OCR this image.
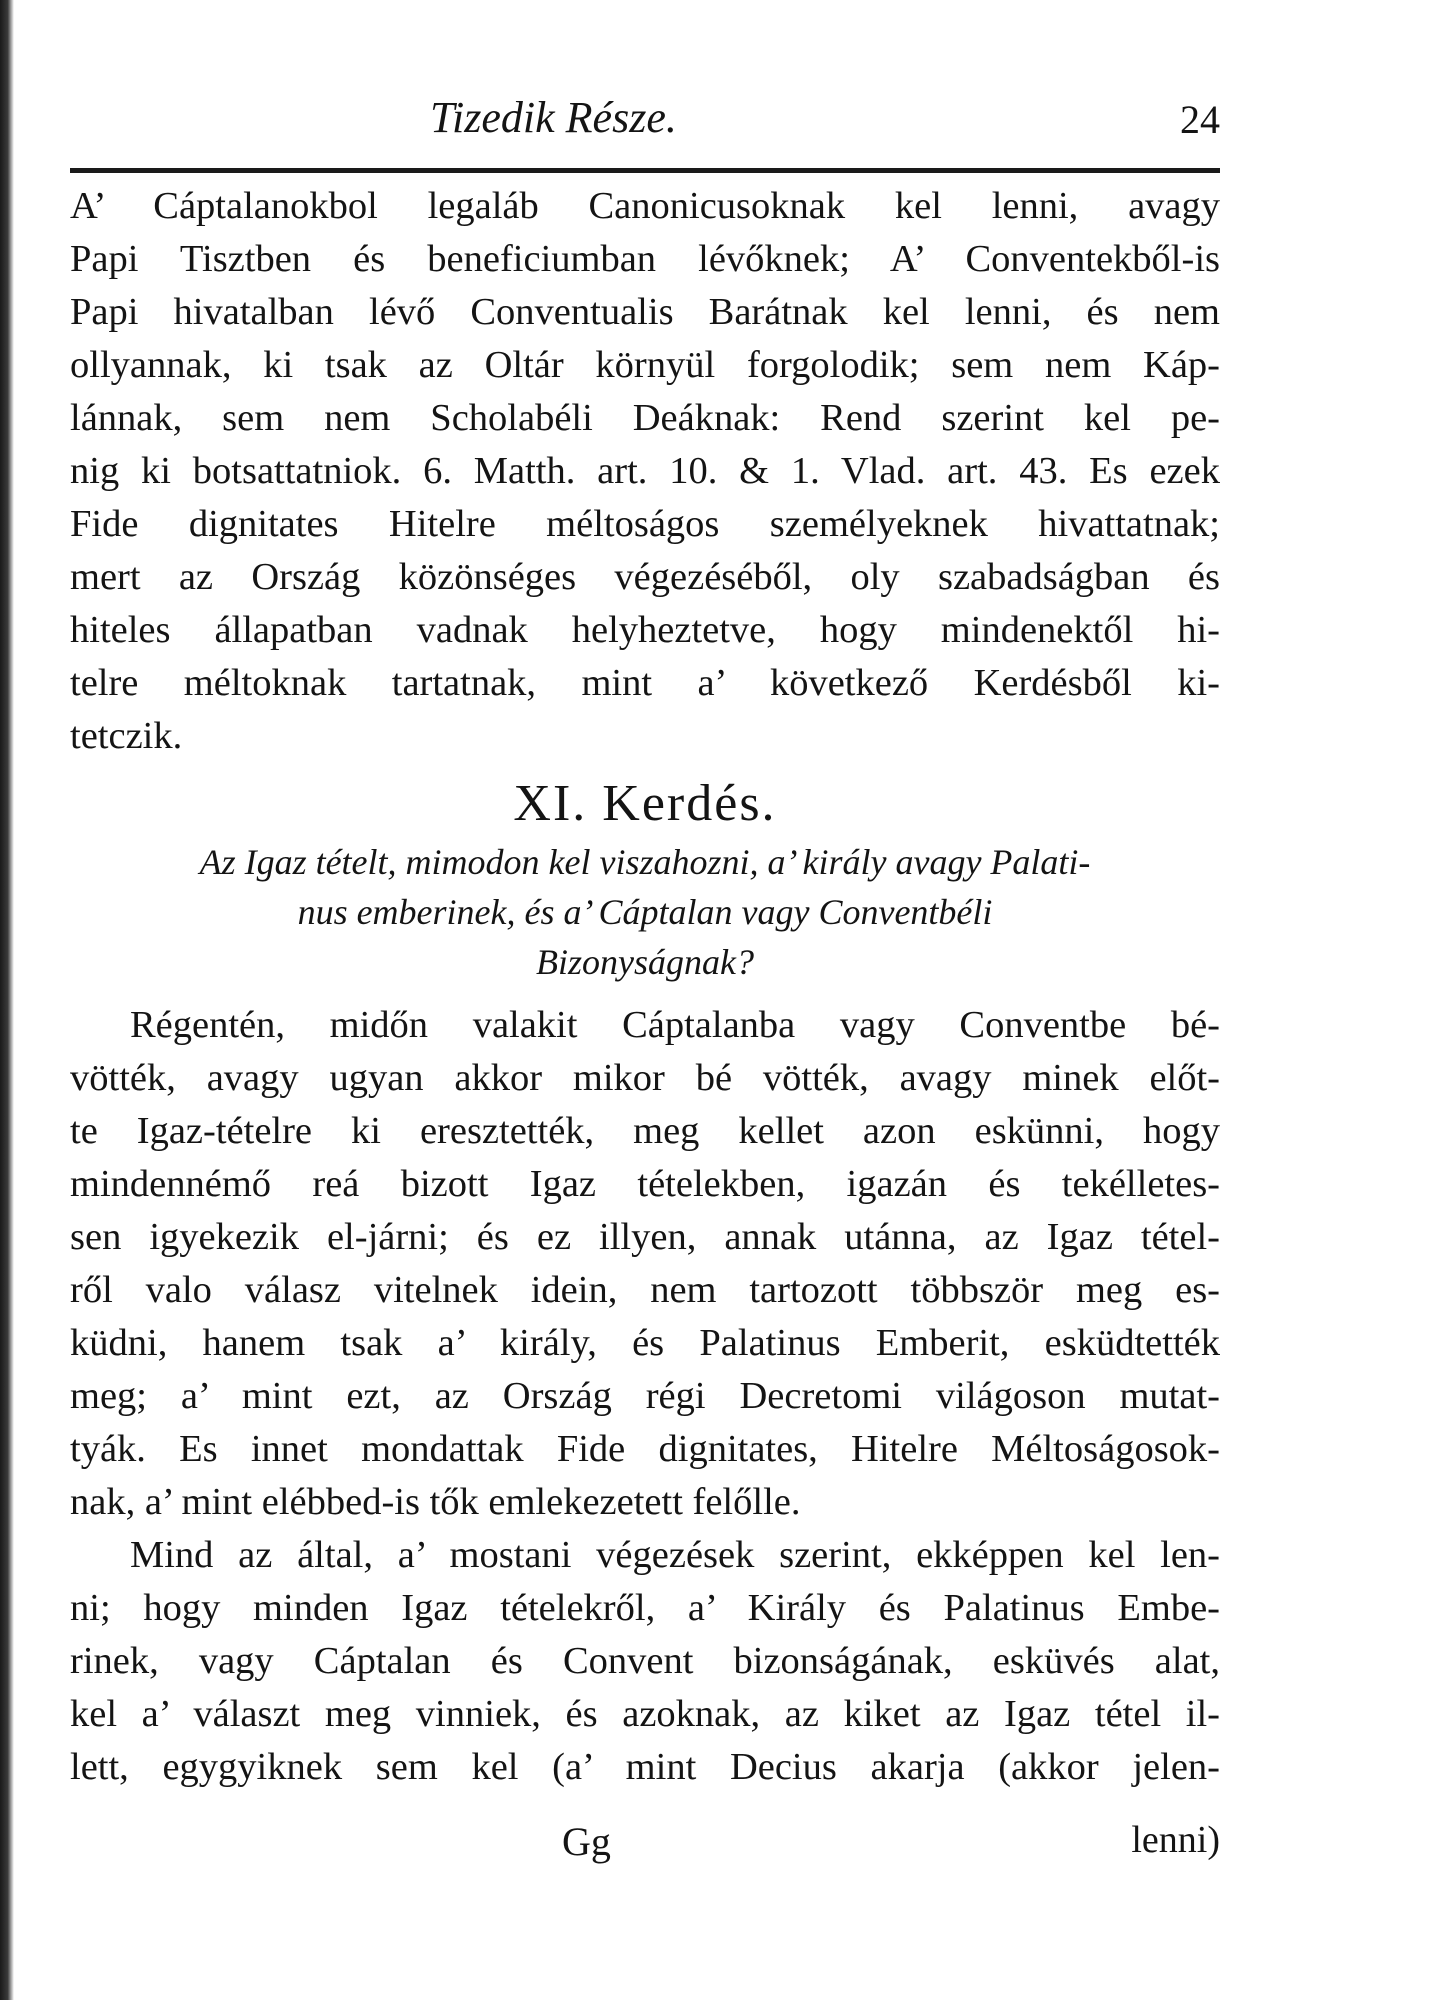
Tizedik Része.	24
A’ Cáptalanokbol legaláb Canonicusoknak kel lenni, avagy
Papi Tisztben és beneficiumban lévőknek; A’ Conventekből-is
Papi hivatalban lévő Conventualis Barátnak kel lenni, és nem
ollyannak, ki tsak az Oltár környül forgolodik; sem nem Káp-
lánnak, sem nem Scholabéli Deáknak: Rend szerint kel pe-
nig ki botsattatniok. 6. Matth. art. 10. & 1. Vlad. art. 43. Es ezek
Fide dignitates Hitelre méltoságos személyeknek hivattatnak;
mert az Ország közönséges végezéséből, oly szabadságban és
hiteles állapatban vadnak helyheztetve, hogy mindenektől hi-
telre méltoknak tartatnak, mint a’ következő Kerdésből ki-
tetczik.
XI. Kerdés.
Az Igaz tételt, mimodon kel viszahozni, a’ király avagy Palati-
nus emberinek, és a’ Cáptalan vagy Conventbéli
Bizonyságnak?
Régentén, midőn valakit Cáptalanba vagy Conventbe bé-
vötték, avagy ugyan akkor mikor bé vötték, avagy minek előt-
te Igaz-tételre ki eresztették, meg kellet azon eskünni, hogy
mindennémő reá bizott Igaz tételekben, igazán és tekélletes-
sen igyekezik el-járni; és ez illyen, annak utánna, az Igaz tétel-
ről valo válasz vitelnek idein, nem tartozott többször meg es-
küdni, hanem tsak a’ király, és Palatinus Emberit, esküdtették
meg; a’ mint ezt, az Ország régi Decretomi világoson mutat-
tyák. Es innet mondattak Fide dignitates, Hitelre Méltoságosok-
nak, a’ mint elébbed-is tők emlekezetett felőlle.
Mind az által, a’ mostani végezések szerint, ekképpen kel len-
ni; hogy minden Igaz tételekről, a’ Király és Palatinus Embe-
rinek, vagy Cáptalan és Convent bizonságának, esküvés alat,
kel a’ választ meg vinniek, és azoknak, az kiket az Igaz tétel il-
lett, egygyiknek sem kel (a’ mint Decius akarja (akkor jelen-
Gg	lenni)
